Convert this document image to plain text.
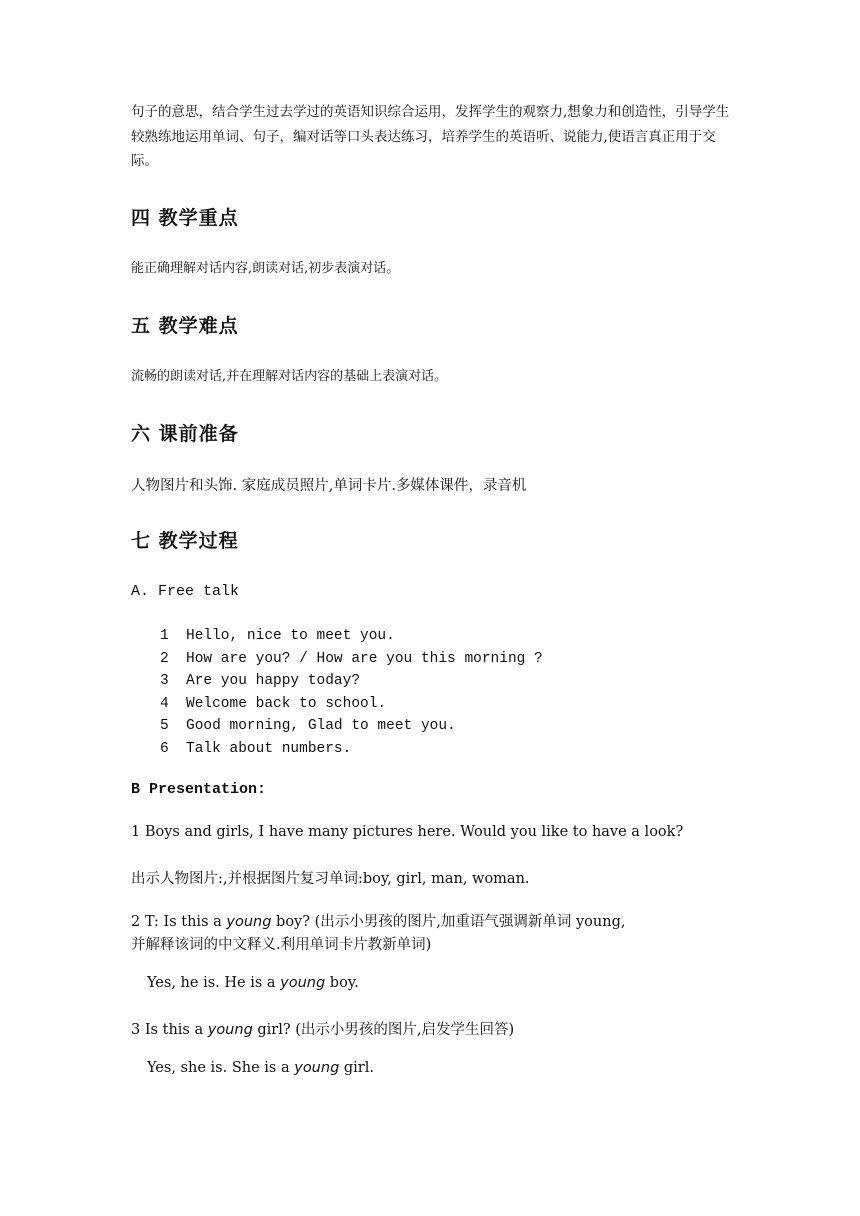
句子的意思，结合学生过去学过的英语知识综合运用，发挥学生的观察力,想象力和创造性，引导学生较熟练地运用单词、句子，编对话等口头表达练习，培养学生的英语听、说能力,使语言真正用于交际。
四 教学重点
能正确理解对话内容,朗读对话,初步表演对话。
五 教学难点
流畅的朗读对话,并在理解对话内容的基础上表演对话。
六 课前准备
人物图片和头饰. 家庭成员照片,单词卡片.多媒体课件，录音机
七 教学过程
A. Free talk
1 Hello, nice to meet you.
2 How are you? / How are you this morning ?
3 Are you happy today?
4 Welcome back to school.
5 Good morning, Glad to meet you.
6 Talk about numbers.
B Presentation:
1 Boys and girls, I have many pictures here. Would you like to have a look?
出示人物图片:,并根据图片复习单词:boy, girl, man, woman.
2 T: Is this a young boy? (出示小男孩的图片,加重语气强调新单词 young,
并解释该词的中文释义.利用单词卡片教新单词)
Yes, he is. He is a young boy.
3 Is this a young girl? (出示小男孩的图片,启发学生回答)
Yes, she is. She is a young girl.
